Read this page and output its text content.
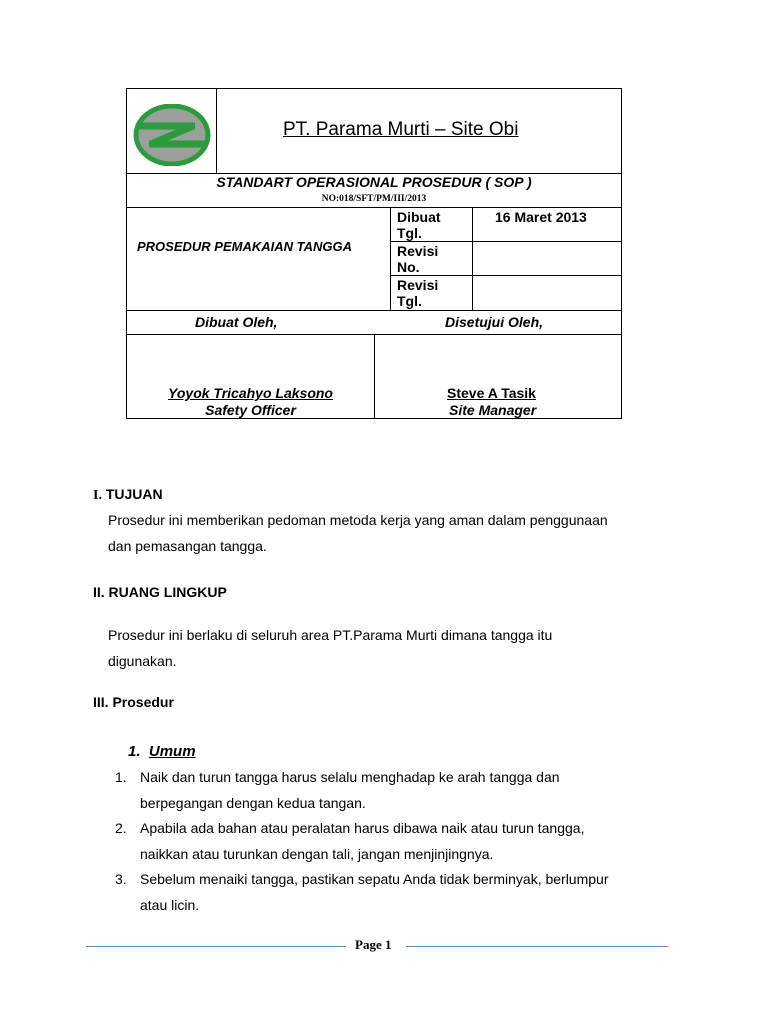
PT. Parama Murti – Site Obi
STANDART OPERASIONAL PROSEDUR ( SOP )
NO:018/SFT/PM/III/2013
PROSEDUR PEMAKAIAN TANGGA
Dibuat
Tgl.
16 Maret 2013
Revisi
No.
Revisi
Tgl.
Dibuat Oleh,	Disetujui Oleh,
Yoyok Tricahyo Laksono
Safety Officer
Steve A Tasik
Site Manager
I. TUJUAN
Prosedur ini memberikan pedoman metoda kerja yang aman dalam penggunaan
dan pemasangan tangga.
II. RUANG LINGKUP
Prosedur ini berlaku di seluruh area PT.Parama Murti dimana tangga itu
digunakan.
III. Prosedur
1. Umum
1. Naik dan turun tangga harus selalu menghadap ke arah tangga dan
berpegangan dengan kedua tangan.
2. Apabila ada bahan atau peralatan harus dibawa naik atau turun tangga,
naikkan atau turunkan dengan tali, jangan menjinjingnya.
3. Sebelum menaiki tangga, pastikan sepatu Anda tidak berminyak, berlumpur
atau licin.
Page 1
